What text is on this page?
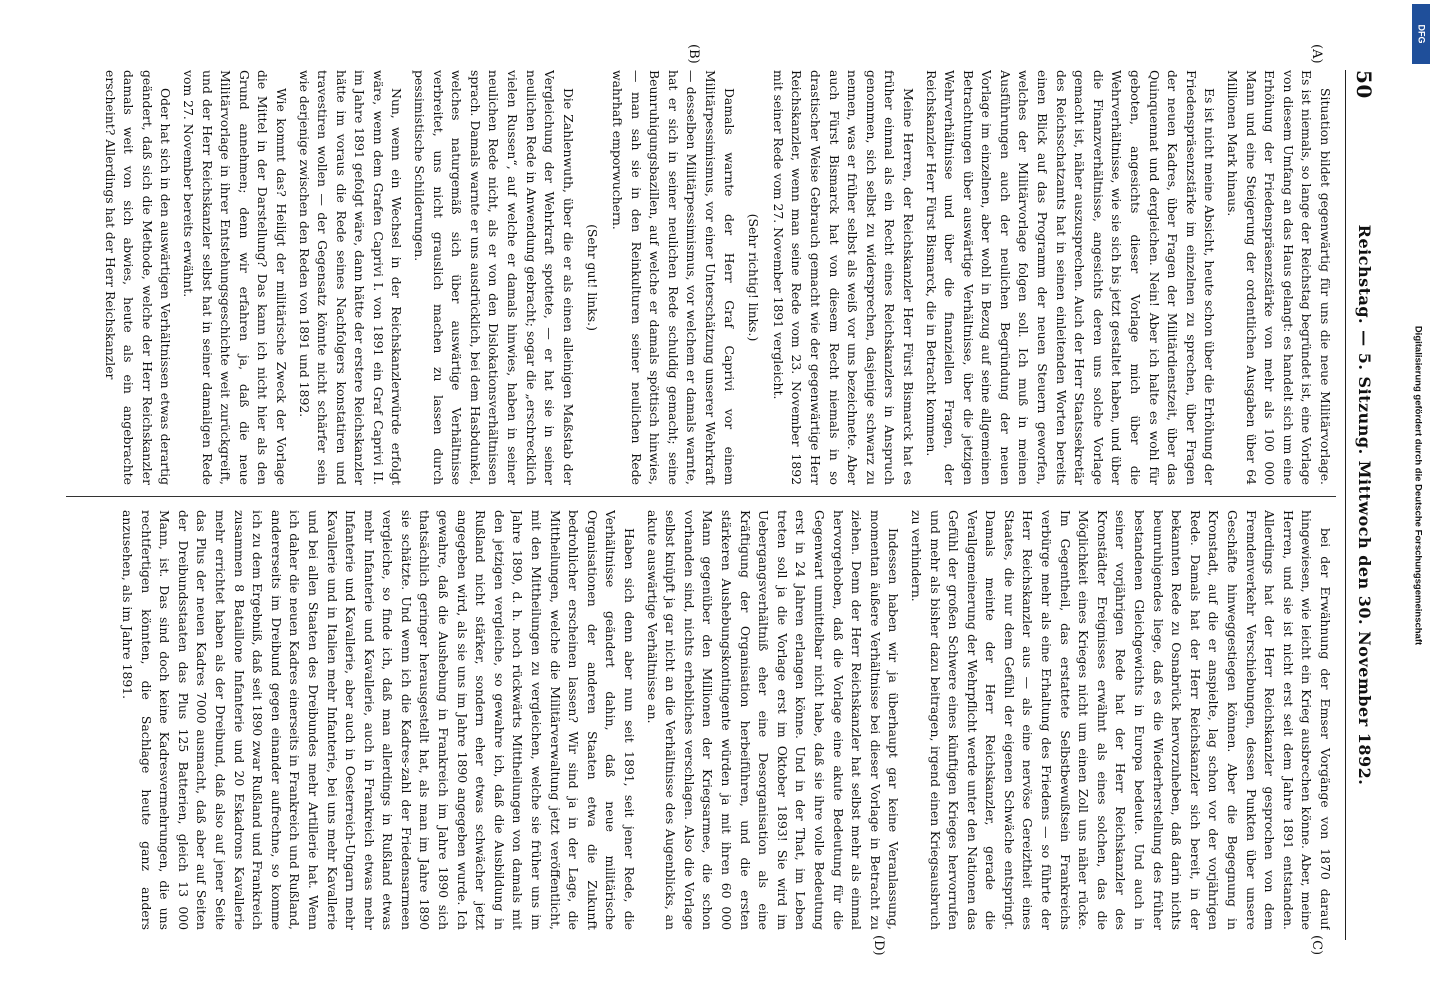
50
Reichstag. — 5. Sitzung. Mittwoch den 30. November 1892.
(A)
(B)
(C)
(D)

Situation bildet gegenwärtig für uns die neue Militärvorlage. Es ist niemals, so lange der Reichstag begründet ist, eine Vorlage von diesem Umfang an das Haus gelangt: es handelt sich um eine Erhöhung der Friedenspräsenzstärke von mehr als 100 000 Mann und eine Steigerung der ordentlichen Ausgaben über 64 Millionen Mark hinaus.

Es ist nicht meine Absicht, heute schon über die Erhöhung der Friedenspräsenzstärke im einzelnen zu sprechen, über Fragen der neuen Kadres, über Fragen der Militärdienstzeit, über das Quinquennat und dergleichen. Nein! Aber ich halte es wohl für geboten, angesichts dieser Vorlage mich über die Wehrverhältnisse, wie sie sich bis jetzt gestaltet haben, und über die Finanzverhältnisse, angesichts deren uns solche Vorlage gemacht ist, näher auszusprechen. Auch der Herr Staatssekretär des Reichsschatzamts hat in seinen einleitenden Worten bereits einen Blick auf das Programm der neuen Steuern geworfen, welches der Militärvorlage folgen soll. Ich muß in meinen Ausführungen auch der neulichen Begründung der neuen Vorlage im einzelnen, aber wohl in Bezug auf seine allgemeinen Betrachtungen über auswärtige Verhältnisse, über die jetzigen Wehrverhältnisse und über die finanziellen Fragen, der Reichskanzler Herr Fürst Bismarck, die in Betracht kommen.

Meine Herren, der Reichskanzler Herr Fürst Bismarck hat es früher einmal als ein Recht eines Reichskanzlers in Anspruch genommen, sich selbst zu widersprechen, dasjenige schwarz zu nennen, was er früher selbst als weiß vor uns bezeichnete. Aber auch Fürst Bismarck hat von diesem Recht niemals in so drastischer Weise Gebrauch gemacht wie der gegenwärtige Herr Reichskanzler, wenn man seine Rede vom 23. November 1892 mit seiner Rede vom 27. November 1891 vergleicht.

(Sehr richtig! links.)

Damals warnte der Herr Graf Caprivi vor einem Militärpessimismus, vor einer Unterschätzung unserer Wehrkraft — desselben Militärpessimismus, vor welchem er damals warnte, hat er sich in seiner neulichen Rede schuldig gemacht; seine Beunruhigungsbazillen, auf welche er damals spöttisch hinwies, — man sah sie in den Reinkulturen seiner neulichen Rede wahrhaft emporwuchern.

(Sehr gut! links.)

Die Zahlenwuth, über die er als einen alleinigen Maßstab der Vergleichung der Wehrkraft spottete, — er hat sie in seiner neulichen Rede in Anwendung gebracht; sogar die „erschrecklich vielen Russen“, auf welche er damals hinwies, haben in seiner neulichen Rede nicht, als er von den Dislokationsverhältnissen sprach. Damals warnte er uns ausdrücklich, bei dem Hasbdunkel, welches naturgemäß sich über auswärtige Verhältnisse verbreitet, uns nicht grauslich machen zu lassen durch pessimistische Schilderungen.

Nun, wenn ein Wechsel in der Reichskanzlerwürde erfolgt wäre, wenn dem Grafen Caprivi I. von 1891 ein Graf Caprivi II. im Jahre 1891 gefolgt wäre, dann hätte der erstere Reichskanzler hätte im voraus die Rede seines Nachfolgers konstatiren und travestiren wollen — der Gegensatz könnte nicht schärfer sein wie derjenige zwischen den Reden von 1891 und 1892.

Wie kommt das? Heiligt der militärische Zweck der Vorlage die Mittel in der Darstellung? Das kann ich nicht hier als den Grund annehmen; denn wir erfahren ja, daß die neue Militärvorlage in ihrer Entstehungsgeschichte weit zurückgreift, und der Herr Reichskanzler selbst hat in seiner damaligen Rede vom 27. November bereits erwähnt.

Oder hat sich in den auswärtigen Verhältnissen etwas derartig geändert, daß sich die Methode, welche der Herr Reichskanzler damals weit von sich abwies, heute als ein angebrachte erscheint? Allerdings hat der Herr Reichskanzler

bei der Erwähnung der Emser Vorgänge von 1870 darauf hingewiesen, wie leicht ein Krieg ausbrechen könne. Aber, meine Herren, und sie ist nicht erst seit dem Jahre 1891 entstanden. Allerdings hat der Herr Reichskanzler gesprochen von dem Fremdenverkehr Verschiebungen, dessen Punkten über unsere Geschäfte hinweggestiegen können. Aber die Begegnung in Kronstadt, auf die er anspielte, lag schon vor der vorjährigen Rede. Damals hat der Herr Reichskanzler sich bereit, in der bekannten Rede zu Osnabrück hervorzuheben, daß darin nichts beunruhigendes liege, daß es die Wiederherstellung des früher bestandenen Gleichgewichts in Europa bedeute. Und auch in seiner vorjährigen Rede hat der Herr Reichskanzler des Kronstädter Ereignisses erwähnt als eines solchen, das die Möglichkeit eines Krieges nicht um einen Zoll uns näher rücke. Im Gegentheil, das erstattete Selbstbewußtsein Frankreichs verbürge mehr als eine Erhaltung des Friedens — so führte der Herr Reichskanzler aus — als eine nervöse Gereiztheit eines Staates, die nur dem Gefühl der eigenen Schwäche entspringt. Damals meinte der Herr Reichskanzler, gerade die Verallgemeinerung der Wehrpflicht werde unter den Nationen das Gefühl der großen Schwere eines künftigen Krieges hervorrufen und mehr als bisher dazu beitragen, irgend einen Kriegsausbruch zu verhindern.

Indessen haben wir ja überhaupt gar keine Veranlassung, momentan äußere Verhältnisse bei dieser Vorlage in Betracht zu ziehen. Denn der Herr Reichskanzler hat selbst mehr als einmal hervorgehoben, daß die Vorlage eine akute Bedeutung für die Gegenwart unmittelbar nicht habe, daß sie ihre volle Bedeutung erst in 24 Jahren erlangen könne. Und in der That, im Leben treten soll ja die Vorlage erst im Oktober 1893! Sie wird im Uebergangsverhältniß eher eine Desorganisation als eine Kräftigung der Organisation herbeiführen, und die ersten stärkeren Aushebungskontingente würden ja mit ihren 60 000 Mann gegenüber den Millionen der Kriegsarmee, die schon vorhanden sind, nichts erhebliches verschlagen. Also die Vorlage selbst knüpft ja gar nicht an die Verhältnisse des Augenblicks, an akute auswärtige Verhältnisse an.

Haben sich denn aber nun seit 1891, seit jener Rede, die Verhältnisse geändert dahin, daß neue militärische Organisationen der anderen Staaten etwa die Zukunft bedrohlicher erscheinen lassen? Wir sind ja in der Lage, die Mittheilungen, welche die Militärverwaltung jetzt veröffentlicht, mit den Mittheilungen zu vergleichen, welche sie früher uns im Jahre 1890, d. h. noch rückwärts Mittheilungen von damals mit den jetzigen vergleiche, so gewahre ich, daß die Ausbildung in Rußland nicht stärker, sondern eher etwas schwächer jetzt angegeben wird, als sie uns im Jahre 1890 angegeben wurde. Ich gewahre, daß die Aushebung in Frankreich im Jahre 1890 sich thatsächlich geringer herausgestellt hat, als man im Jahre 1890 sie schätzte. Und wenn ich die Kadres-zahl der Friedensarmeen vergleiche, so finde ich, daß man allerdings in Rußland etwas mehr Infanterie und Kavallerie, auch in Frankreich etwas mehr Infanterie und Kavallerie, aber auch in Oesterreich-Ungarn mehr Kavallerie und in Italien mehr Infanterie, bei uns mehr Kavallerie und bei allen Staaten des Dreibundes mehr Artillerie hat. Wenn ich daher die neuen Kadres einerseits in Frankreich und Rußland, andererseits im Dreibund gegen einander aufrechne, so komme ich zu dem Ergebniß, daß seit 1890 zwar Rußland und Frankreich zusammen 8 Bataillone Infanterie und 20 Eskadrons Kavallerie mehr errichtet haben als der Dreibund, daß also auf jener Seite das Plus der neuen Kadres 7000 ausmacht, daß aber auf Seiten der Dreibundsstaaten das Plus 125 Batterien, gleich 13 000 Mann, ist. Das sind doch keine Kadresvermehrungen, die uns rechtfertigen könnten, die Sachlage heute ganz anders anzusehen, als im Jahre 1891.	Digitalisierung gefördert durch die Deutsche Forschungsgemeinschaft
DFG
